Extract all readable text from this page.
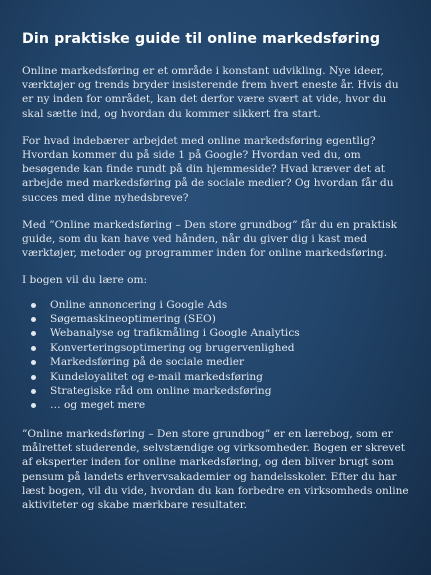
Din praktiske guide til online markedsføring

Online markedsføring er et område i konstant udvikling. Nye ideer, værktøjer og trends bryder insisterende frem hvert eneste år. Hvis du er ny inden for området, kan det derfor være svært at vide, hvor du skal sætte ind, og hvordan du kommer sikkert fra start.

For hvad indebærer arbejdet med online markedsføring egentlig? Hvordan kommer du på side 1 på Google? Hvordan ved du, om besøgende kan finde rundt på din hjemmeside? Hvad kræver det at arbejde med markedsføring på de sociale medier? Og hvordan får du succes med dine nyhedsbreve?

Med ”Online markedsføring – Den store grundbog” får du en praktisk guide, som du kan have ved hånden, når du giver dig i kast med værktøjer, metoder og programmer inden for online markedsføring.

I bogen vil du lære om:

Online annoncering i Google Ads
Søgemaskineoptimering (SEO)
Webanalyse og trafikmåling i Google Analytics
Konverteringsoptimering og brugervenlighed
Markedsføring på de sociale medier
Kundeloyalitet og e-mail markedsføring
Strategiske råd om online markedsføring
… og meget mere

”Online markedsføring – Den store grundbog” er en lærebog, som er målrettet studerende, selvstændige og virksomheder. Bogen er skrevet af eksperter inden for online markedsføring, og den bliver brugt som pensum på landets erhvervsakademier og handelsskoler. Efter du har læst bogen, vil du vide, hvordan du kan forbedre en virksomheds online aktiviteter og skabe mærkbare resultater.
